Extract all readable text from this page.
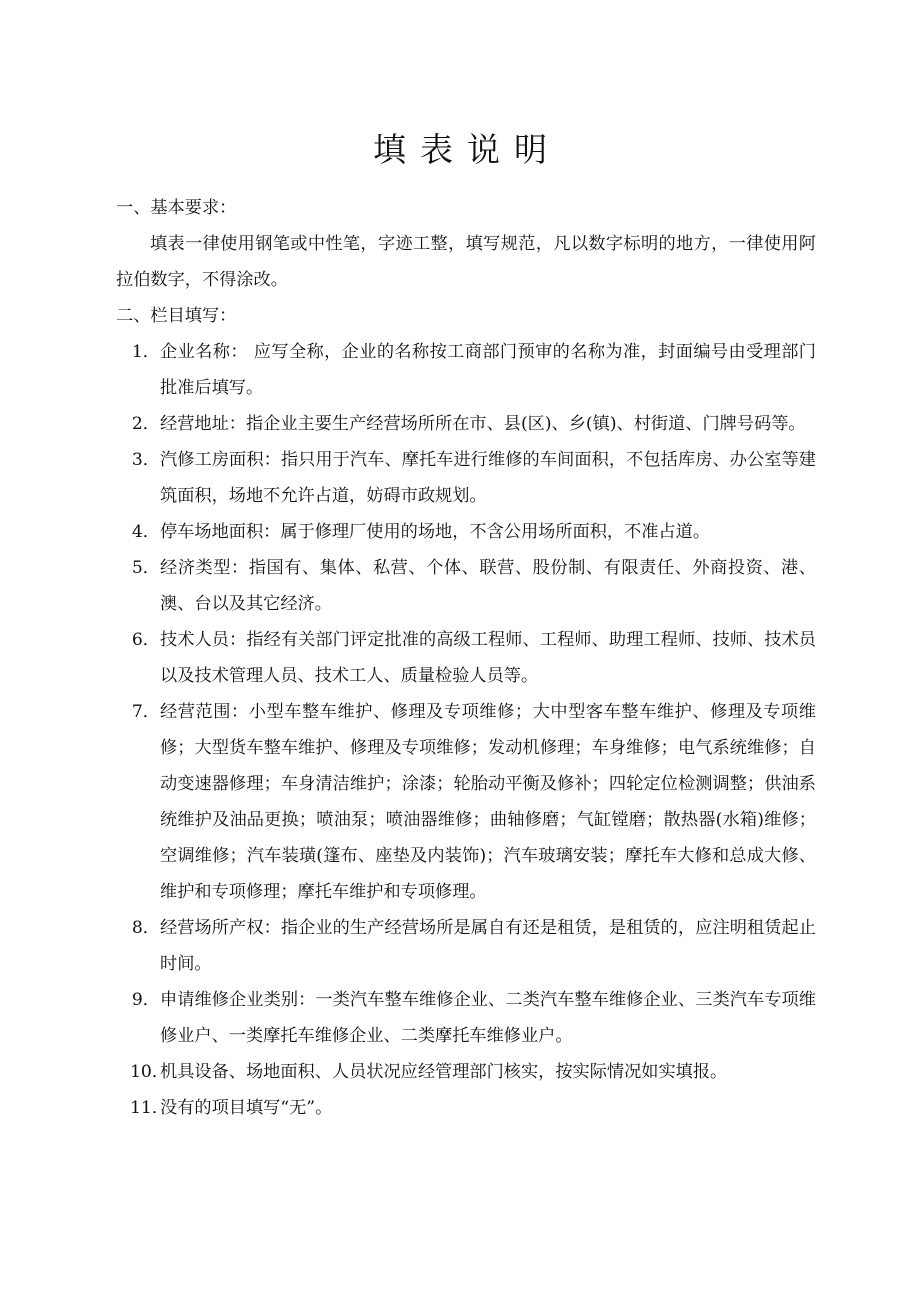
填表说明
一、基本要求：
填表一律使用钢笔或中性笔，字迹工整，填写规范，凡以数字标明的地方，一律使用阿拉伯数字，不得涂改。
二、栏目填写：
1． 企业名称： 应写全称，企业的名称按工商部门预审的名称为准，封面编号由受理部门批准后填写。
2． 经营地址：指企业主要生产经营场所所在市、县(区)、乡(镇)、村街道、门牌号码等。
3． 汽修工房面积：指只用于汽车、摩托车进行维修的车间面积，不包括库房、办公室等建筑面积，场地不允许占道，妨碍市政规划。
4． 停车场地面积：属于修理厂使用的场地，不含公用场所面积，不准占道。
5． 经济类型：指国有、集体、私营、个体、联营、股份制、有限责任、外商投资、港、澳、台以及其它经济。
6． 技术人员：指经有关部门评定批准的高级工程师、工程师、助理工程师、技师、技术员以及技术管理人员、技术工人、质量检验人员等。
7． 经营范围：小型车整车维护、修理及专项维修；大中型客车整车维护、修理及专项维修；大型货车整车维护、修理及专项维修；发动机修理；车身维修；电气系统维修；自动变速器修理；车身清洁维护；涂漆；轮胎动平衡及修补；四轮定位检测调整；供油系统维护及油品更换；喷油泵；喷油器维修；曲轴修磨；气缸镗磨；散热器(水箱)维修；空调维修；汽车装璜(篷布、座垫及内装饰)；汽车玻璃安装；摩托车大修和总成大修、维护和专项修理；摩托车维护和专项修理。
8． 经营场所产权：指企业的生产经营场所是属自有还是租赁，是租赁的，应注明租赁起止时间。
9． 申请维修企业类别：一类汽车整车维修企业、二类汽车整车维修企业、三类汽车专项维修业户、一类摩托车维修企业、二类摩托车维修业户。
10．
机具设备、场地面积、人员状况应经管理部门核实，按实际情况如实填报。
11．
没有的项目填写“无”。
